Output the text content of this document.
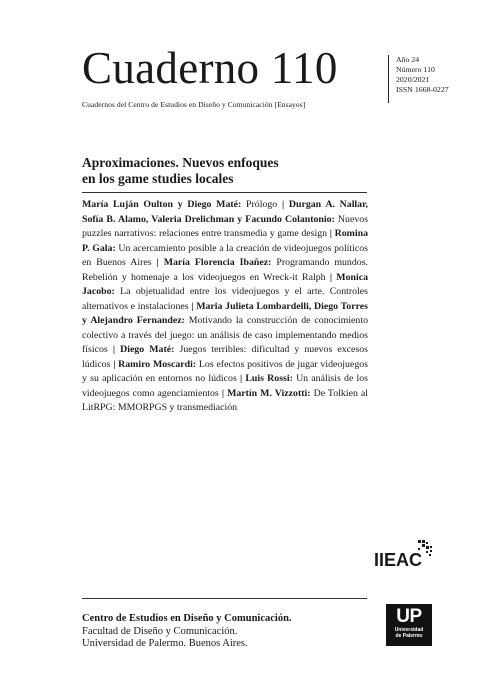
Cuaderno 110
Cuadernos del Centro de Estudios en Diseño y Comunicación [Ensayos]
Año 24
Número 110
2020/2021
ISSN 1668-0227
Aproximaciones. Nuevos enfoques
en los game studies locales

María Luján Oulton y Diego Maté: Prólogo | Durgan A. Nallar, Sofía B. Alamo, Valeria Drelichman y Facundo Colantonio: Nuevos puzzles narrativos: relaciones entre transmedia y game design | Romina P. Gala: Un acercamiento posible a la creación de videojuegos políticos en Buenos Aires | María Florencia Ibañez: Programando mundos. Rebelión y homenaje a los videojuegos en Wreck-it Ralph | Monica Jacobo: La objetualidad entre los videojuegos y el arte. Controles alternativos e instalaciones | Maria Julieta Lombardelli, Diego Torres y Alejandro Fernandez: Motivando la construcción de conocimiento colectivo a través del juego: un análisis de caso implementando medios físicos | Diego Maté: Juegos terribles: dificultad y nuevos excesos lúdicos | Ramiro Moscardi: Los efectos positivos de jugar videojuegos y su aplicación en entornos no lúdicos | Luis Rossi: Un análisis de los videojuegos como agenciamientos | Martín M. Vizzotti: De Tolkien al LitRPG: MMORPGS y transmediación

IIEAC
Centro de Estudios en Diseño y Comunicación.
Facultad de Diseño y Comunicación.
Universidad de Palermo. Buenos Aires.
UP
Universidad
de Palermo
